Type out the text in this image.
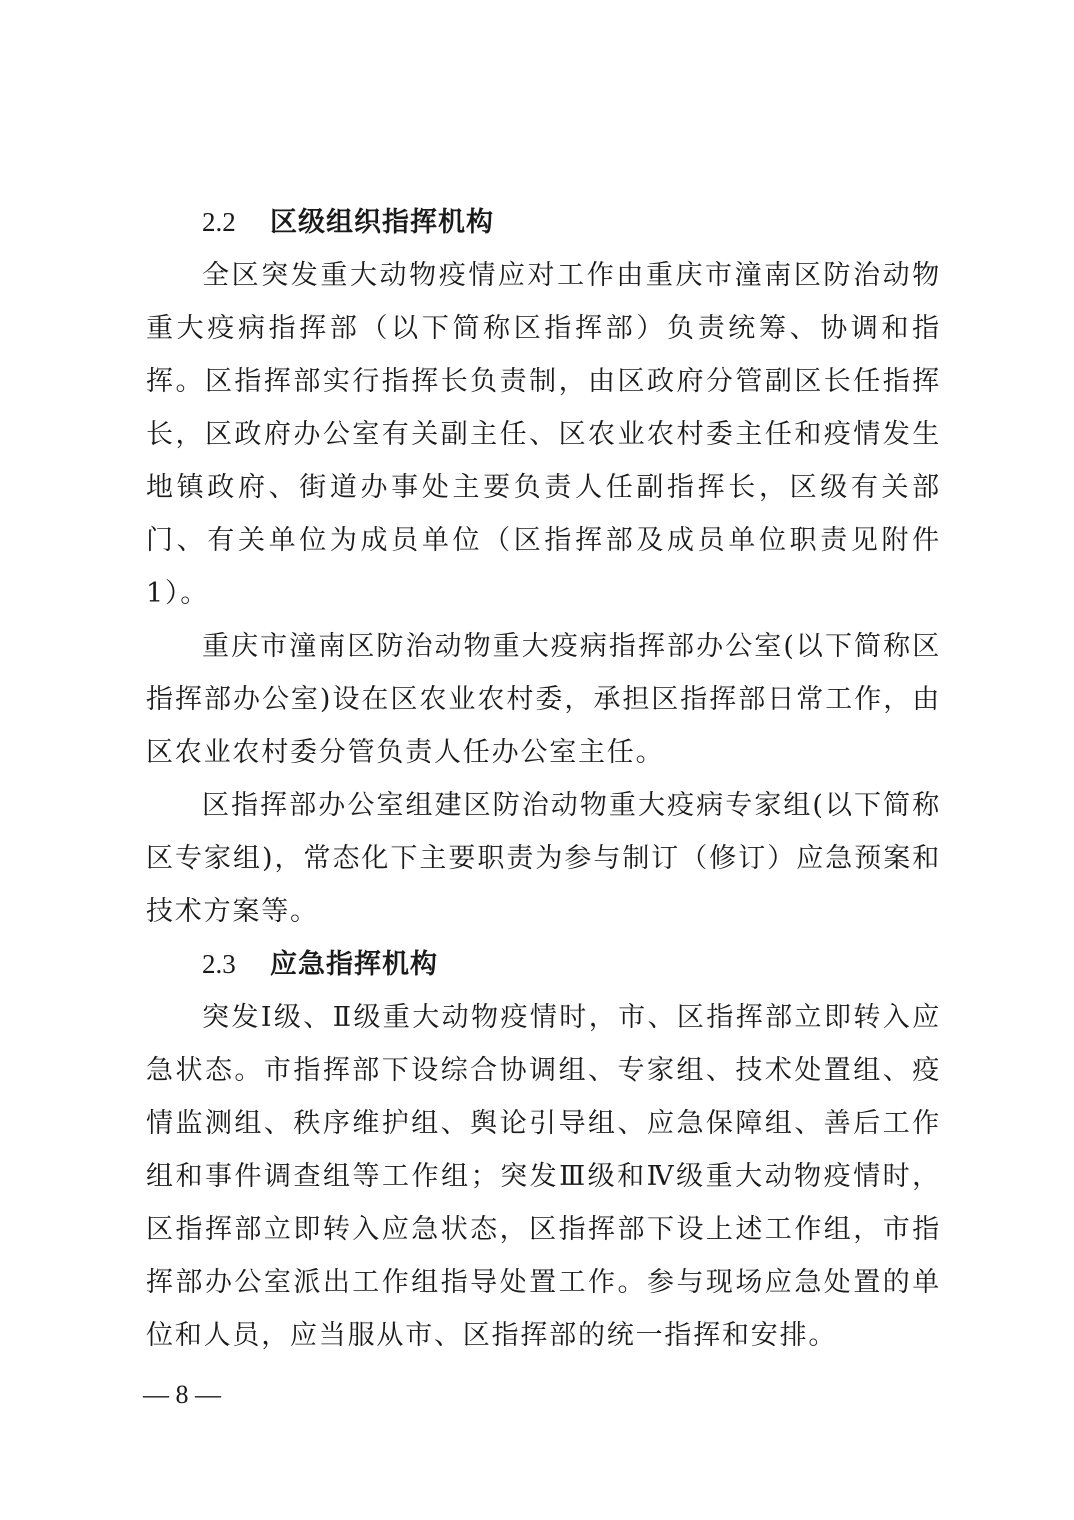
2.2 区级组织指挥机构

全区突发重大动物疫情应对工作由重庆市潼南区防治动物重大疫病指挥部（以下简称区指挥部）负责统筹、协调和指挥。区指挥部实行指挥长负责制，由区政府分管副区长任指挥长，区政府办公室有关副主任、区农业农村委主任和疫情发生地镇政府、街道办事处主要负责人任副指挥长，区级有关部门、有关单位为成员单位（区指挥部及成员单位职责见附件 1）。

重庆市潼南区防治动物重大疫病指挥部办公室(以下简称区指挥部办公室)设在区农业农村委，承担区指挥部日常工作，由区农业农村委分管负责人任办公室主任。

区指挥部办公室组建区防治动物重大疫病专家组(以下简称区专家组)，常态化下主要职责为参与制订（修订）应急预案和技术方案等。

2.3 应急指挥机构

突发Ⅰ级、Ⅱ级重大动物疫情时，市、区指挥部立即转入应急状态。市指挥部下设综合协调组、专家组、技术处置组、疫情监测组、秩序维护组、舆论引导组、应急保障组、善后工作组和事件调查组等工作组；突发Ⅲ级和Ⅳ级重大动物疫情时，区指挥部立即转入应急状态，区指挥部下设上述工作组，市指挥部办公室派出工作组指导处置工作。参与现场应急处置的单位和人员，应当服从市、区指挥部的统一指挥和安排。

— 8 —
